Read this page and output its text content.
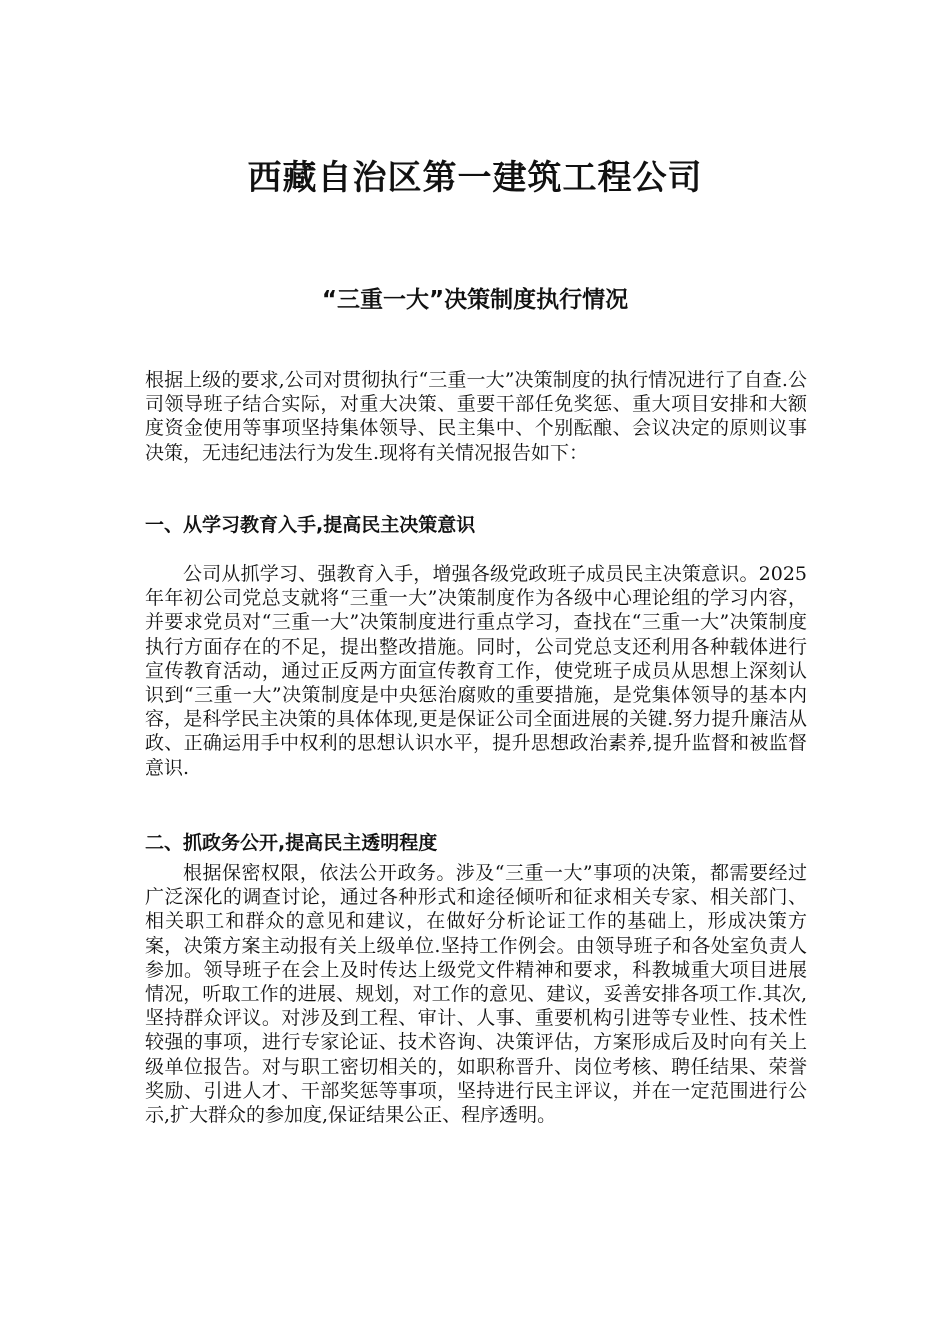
西藏自治区第一建筑工程公司
“三重一大”决策制度执行情况
根据上级的要求,公司对贯彻执行“三重一大”决策制度的执行情况进行了自查.公司领导班子结合实际，对重大决策、重要干部任免奖惩、重大项目安排和大额度资金使用等事项坚持集体领导、民主集中、个别酝酿、会议决定的原则议事决策，无违纪违法行为发生.现将有关情况报告如下：
一、从学习教育入手,提高民主决策意识
公司从抓学习、强教育入手，增强各级党政班子成员民主决策意识。2025年年初公司党总支就将“三重一大”决策制度作为各级中心理论组的学习内容，并要求党员对“三重一大”决策制度进行重点学习，查找在“三重一大”决策制度执行方面存在的不足，提出整改措施。同时，公司党总支还利用各种载体进行宣传教育活动，通过正反两方面宣传教育工作，使党班子成员从思想上深刻认识到“三重一大”决策制度是中央惩治腐败的重要措施，是党集体领导的基本内容，是科学民主决策的具体体现,更是保证公司全面进展的关键.努力提升廉洁从政、正确运用手中权利的思想认识水平，提升思想政治素养,提升监督和被监督意识.
二、抓政务公开,提高民主透明程度
根据保密权限，依法公开政务。涉及“三重一大”事项的决策，都需要经过广泛深化的调查讨论，通过各种形式和途径倾听和征求相关专家、相关部门、相关职工和群众的意见和建议，在做好分析论证工作的基础上，形成决策方案，决策方案主动报有关上级单位.坚持工作例会。由领导班子和各处室负责人参加。领导班子在会上及时传达上级党文件精神和要求，科教城重大项目进展情况，听取工作的进展、规划，对工作的意见、建议，妥善安排各项工作.其次,坚持群众评议。对涉及到工程、审计、人事、重要机构引进等专业性、技术性较强的事项，进行专家论证、技术咨询、决策评估，方案形成后及时向有关上级单位报告。对与职工密切相关的，如职称晋升、岗位考核、聘任结果、荣誉奖励、引进人才、干部奖惩等事项，坚持进行民主评议，并在一定范围进行公示,扩大群众的参加度,保证结果公正、程序透明。
